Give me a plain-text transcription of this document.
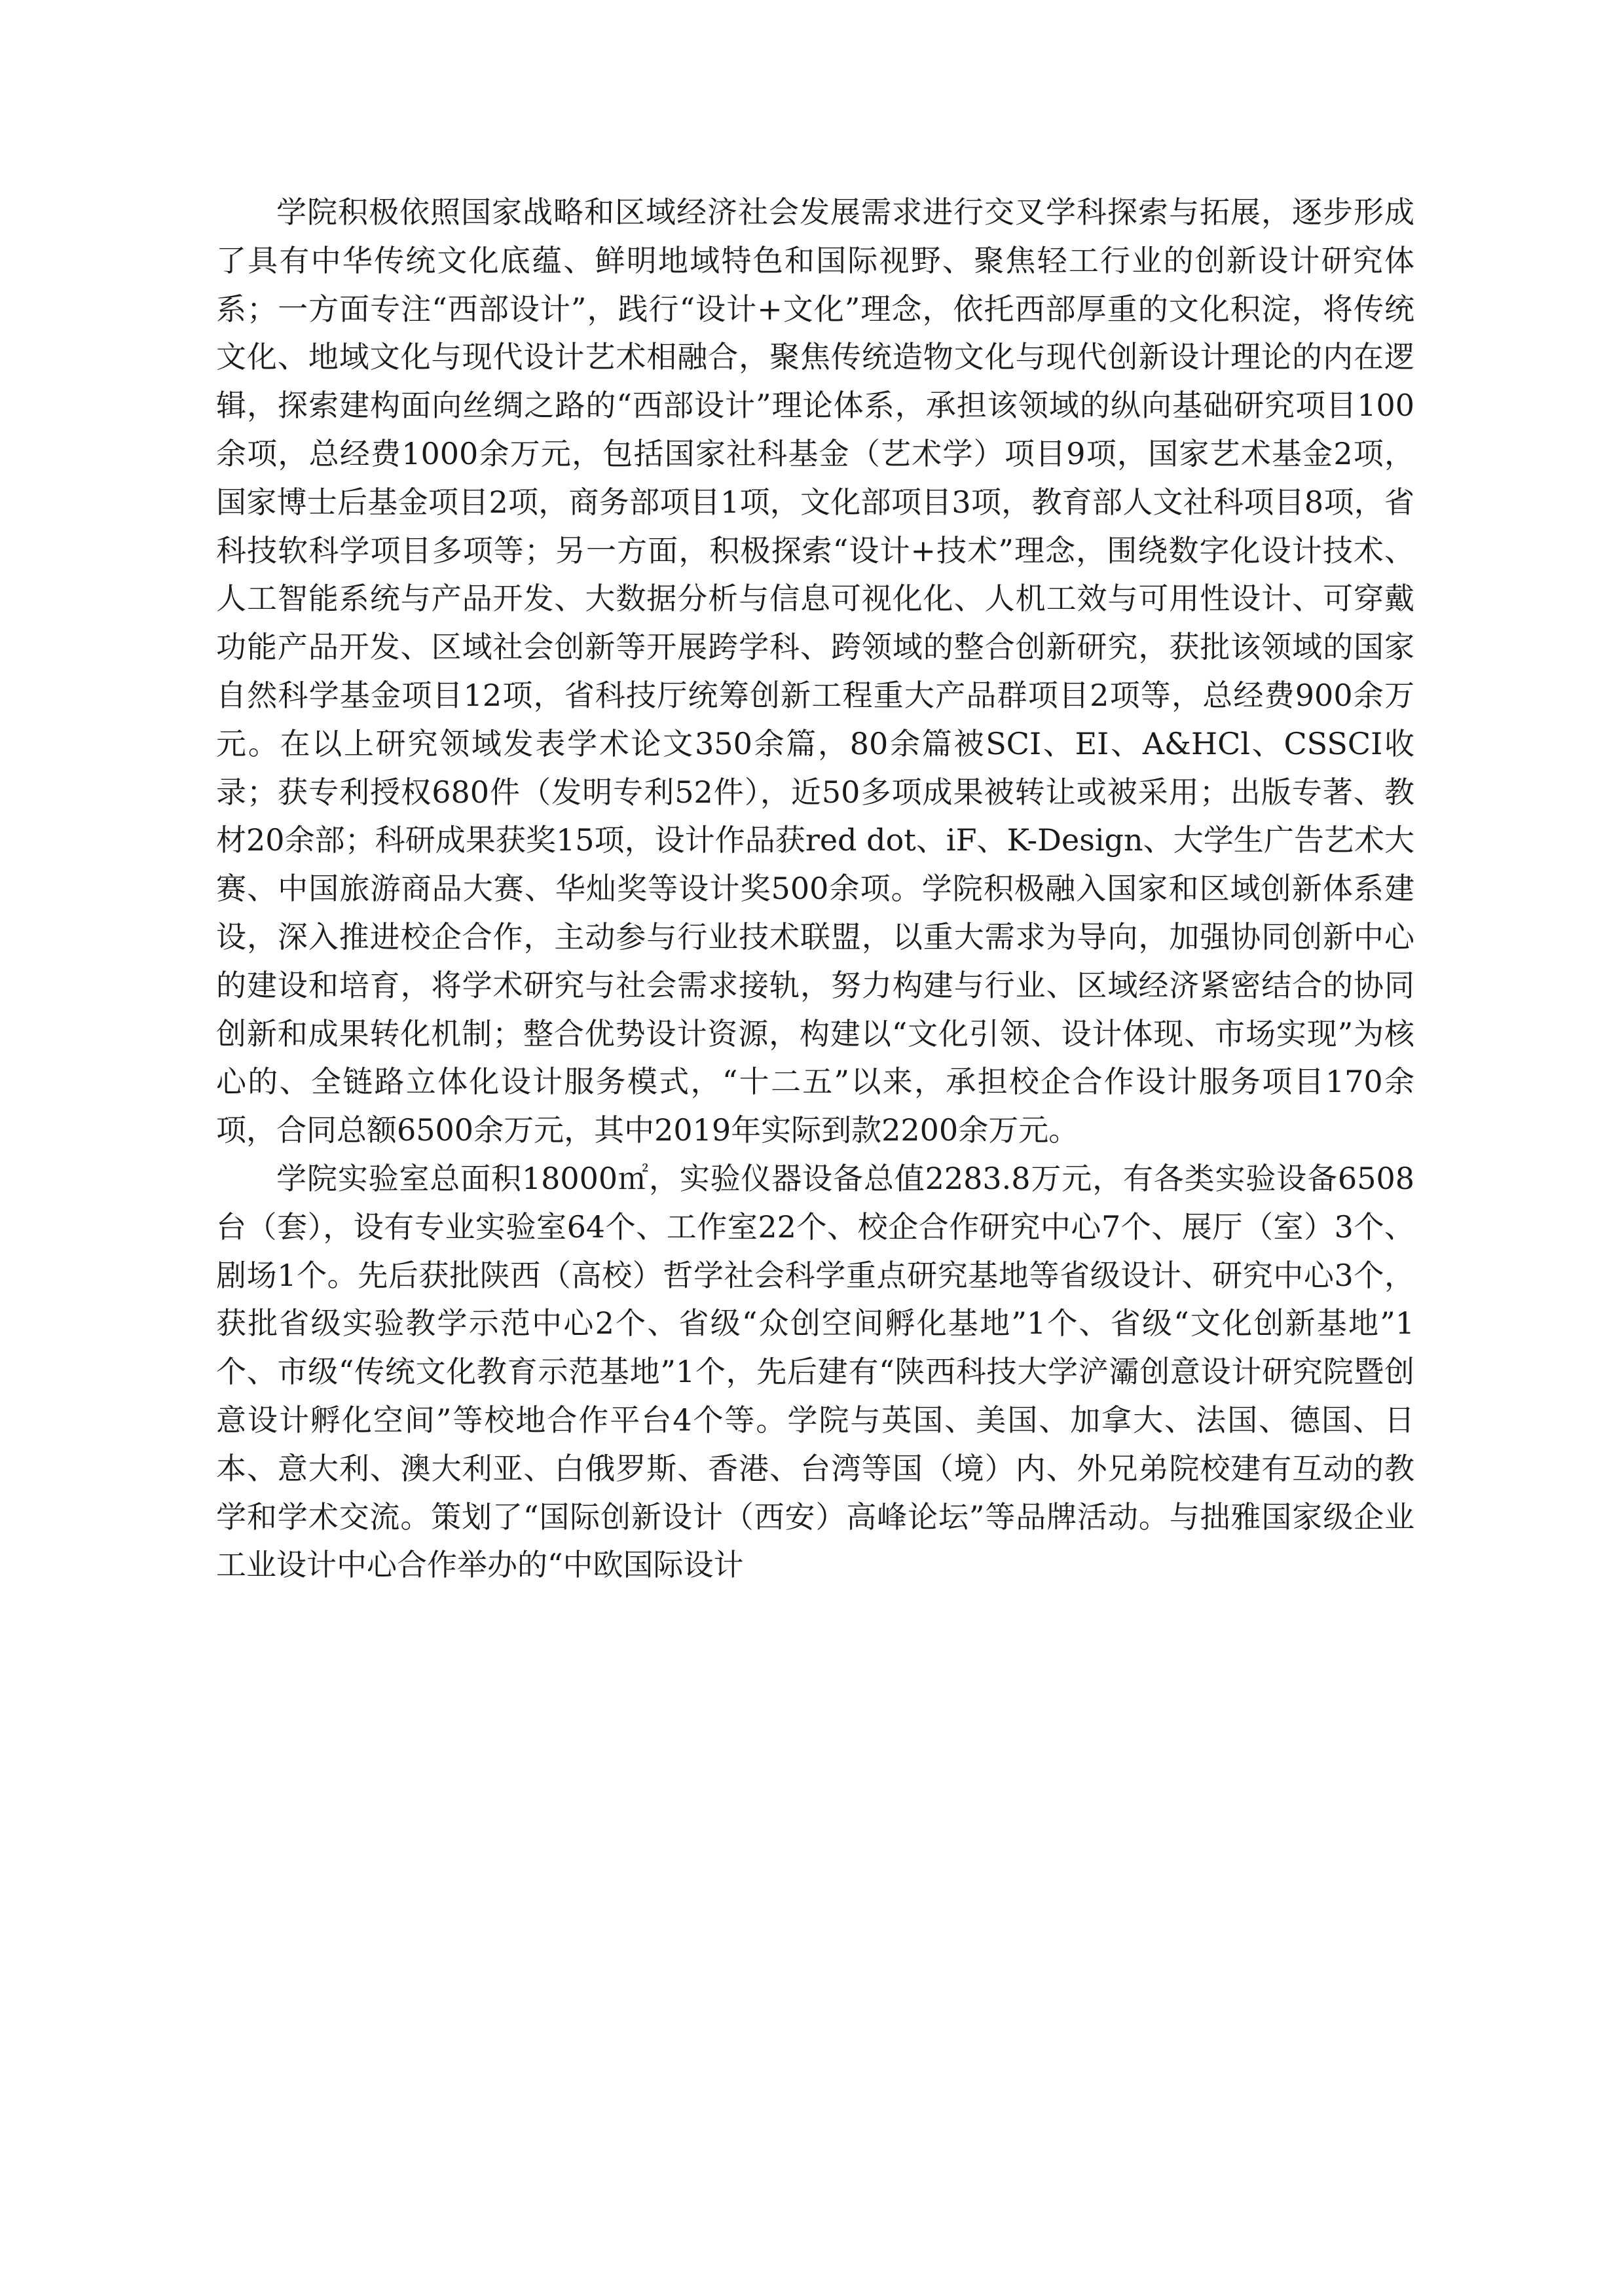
学院积极依照国家战略和区域经济社会发展需求进行交叉学科探索与拓展，逐步形成了具有中华传统文化底蕴、鲜明地域特色和国际视野、聚焦轻工行业的创新设计研究体系；一方面专注“西部设计”，践行“设计+文化”理念，依托西部厚重的文化积淀，将传统文化、地域文化与现代设计艺术相融合，聚焦传统造物文化与现代创新设计理论的内在逻辑，探索建构面向丝绸之路的“西部设计”理论体系，承担该领域的纵向基础研究项目100余项，总经费1000余万元，包括国家社科基金（艺术学）项目9项，国家艺术基金2项，国家博士后基金项目2项，商务部项目1项，文化部项目3项，教育部人文社科项目8项，省科技软科学项目多项等；另一方面，积极探索“设计+技术”理念，围绕数字化设计技术、人工智能系统与产品开发、大数据分析与信息可视化化、人机工效与可用性设计、可穿戴功能产品开发、区域社会创新等开展跨学科、跨领域的整合创新研究，获批该领域的国家自然科学基金项目12项，省科技厅统筹创新工程重大产品群项目2项等，总经费900余万元。在以上研究领域发表学术论文350余篇，80余篇被SCI、EI、A&HCl、CSSCI收录；获专利授权680件（发明专利52件），近50多项成果被转让或被采用；出版专著、教材20余部；科研成果获奖15项，设计作品获red dot、iF、K-Design、大学生广告艺术大赛、中国旅游商品大赛、华灿奖等设计奖500余项。学院积极融入国家和区域创新体系建设，深入推进校企合作，主动参与行业技术联盟，以重大需求为导向，加强协同创新中心的建设和培育，将学术研究与社会需求接轨，努力构建与行业、区域经济紧密结合的协同创新和成果转化机制；整合优势设计资源，构建以“文化引领、设计体现、市场实现”为核心的、全链路立体化设计服务模式，“十二五”以来，承担校企合作设计服务项目170余项，合同总额6500余万元，其中2019年实际到款2200余万元。

学院实验室总面积18000㎡，实验仪器设备总值2283.8万元，有各类实验设备6508台（套），设有专业实验室64个、工作室22个、校企合作研究中心7个、展厅（室）3个、剧场1个。先后获批陕西（高校）哲学社会科学重点研究基地等省级设计、研究中心3个，获批省级实验教学示范中心2个、省级“众创空间孵化基地”1个、省级“文化创新基地”1个、市级“传统文化教育示范基地”1个，先后建有“陕西科技大学浐灞创意设计研究院暨创意设计孵化空间”等校地合作平台4个等。学院与英国、美国、加拿大、法国、德国、日本、意大利、澳大利亚、白俄罗斯、香港、台湾等国（境）内、外兄弟院校建有互动的教学和学术交流。策划了“国际创新设计（西安）高峰论坛”等品牌活动。与拙雅国家级企业工业设计中心合作举办的“中欧国际设计
